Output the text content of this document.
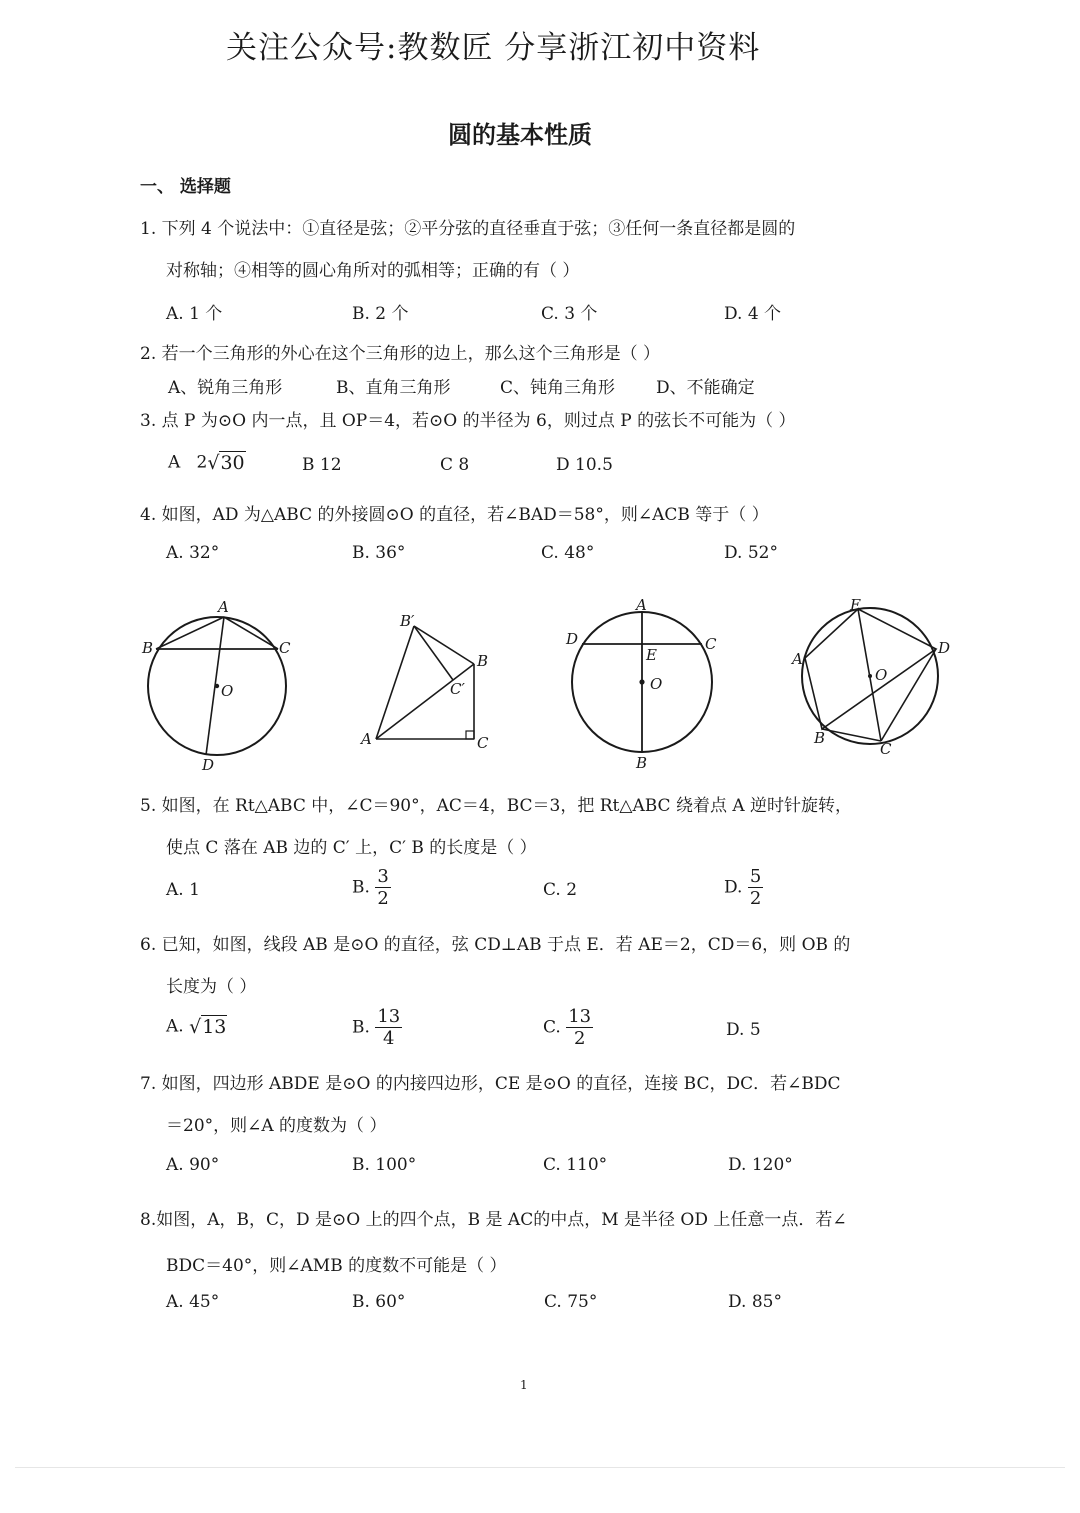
关注公众号:教数匠 分享浙江初中资料
圆的基本性质
一、 选择题
1. 下列 4 个说法中：①直径是弦；②平分弦的直径垂直于弦；③任何一条直径都是圆的
对称轴；④相等的圆心角所对的弧相等；正确的有（ ）
A. 1 个	B. 2 个	C. 3 个	D. 4 个
2. 若一个三角形的外心在这个三角形的边上，那么这个三角形是（ ）
A、锐角三角形	B、直角三角形	C、钝角三角形 D、不能确定
3. 点 P 为⊙O 内一点，且 OP＝4，若⊙O 的半径为 6，则过点 P 的弦长不可能为（ ）
A 2√30	B 12	C 8	D 10.5
4. 如图，AD 为△ABC 的外接圆⊙O 的直径，若∠BAD＝58°，则∠ACB 等于（ ）
A. 32°	B. 36°	C. 48°	D. 52°
A
B	C
D
O
A
B
C
B′
C′
A
B
C
D
E
O
E
D
A
B
C
O
5. 如图，在 Rt△ABC 中，∠C＝90°，AC＝4，BC＝3，把 Rt△ABC 绕着点 A 逆时针旋转，
使点 C 落在 AB 边的 C′ 上，C′ B 的长度是（ ）
A. 1	B. $\frac{3}{2}$	C. 2	D. $\frac{5}{2}$
6. 已知，如图，线段 AB 是⊙O 的直径，弦 CD⊥AB 于点 E．若 AE＝2，CD＝6，则 OB 的
长度为（ ）
A. √13	B. $\frac{13}{4}$	C. $\frac{13}{2}$	D. 5
7. 如图，四边形 ABDE 是⊙O 的内接四边形，CE 是⊙O 的直径，连接 BC，DC．若∠BDC
＝20°，则∠A 的度数为（ ）
A. 90°	B. 100°	C. 110°	D. 120°
8.如图，A，B，C，D 是⊙O 上的四个点，B 是 AC的中点，M 是半径 OD 上任意一点．若∠
BDC＝40°，则∠AMB 的度数不可能是（ ）
A. 45°	B. 60°	C. 75°	D. 85°
1
